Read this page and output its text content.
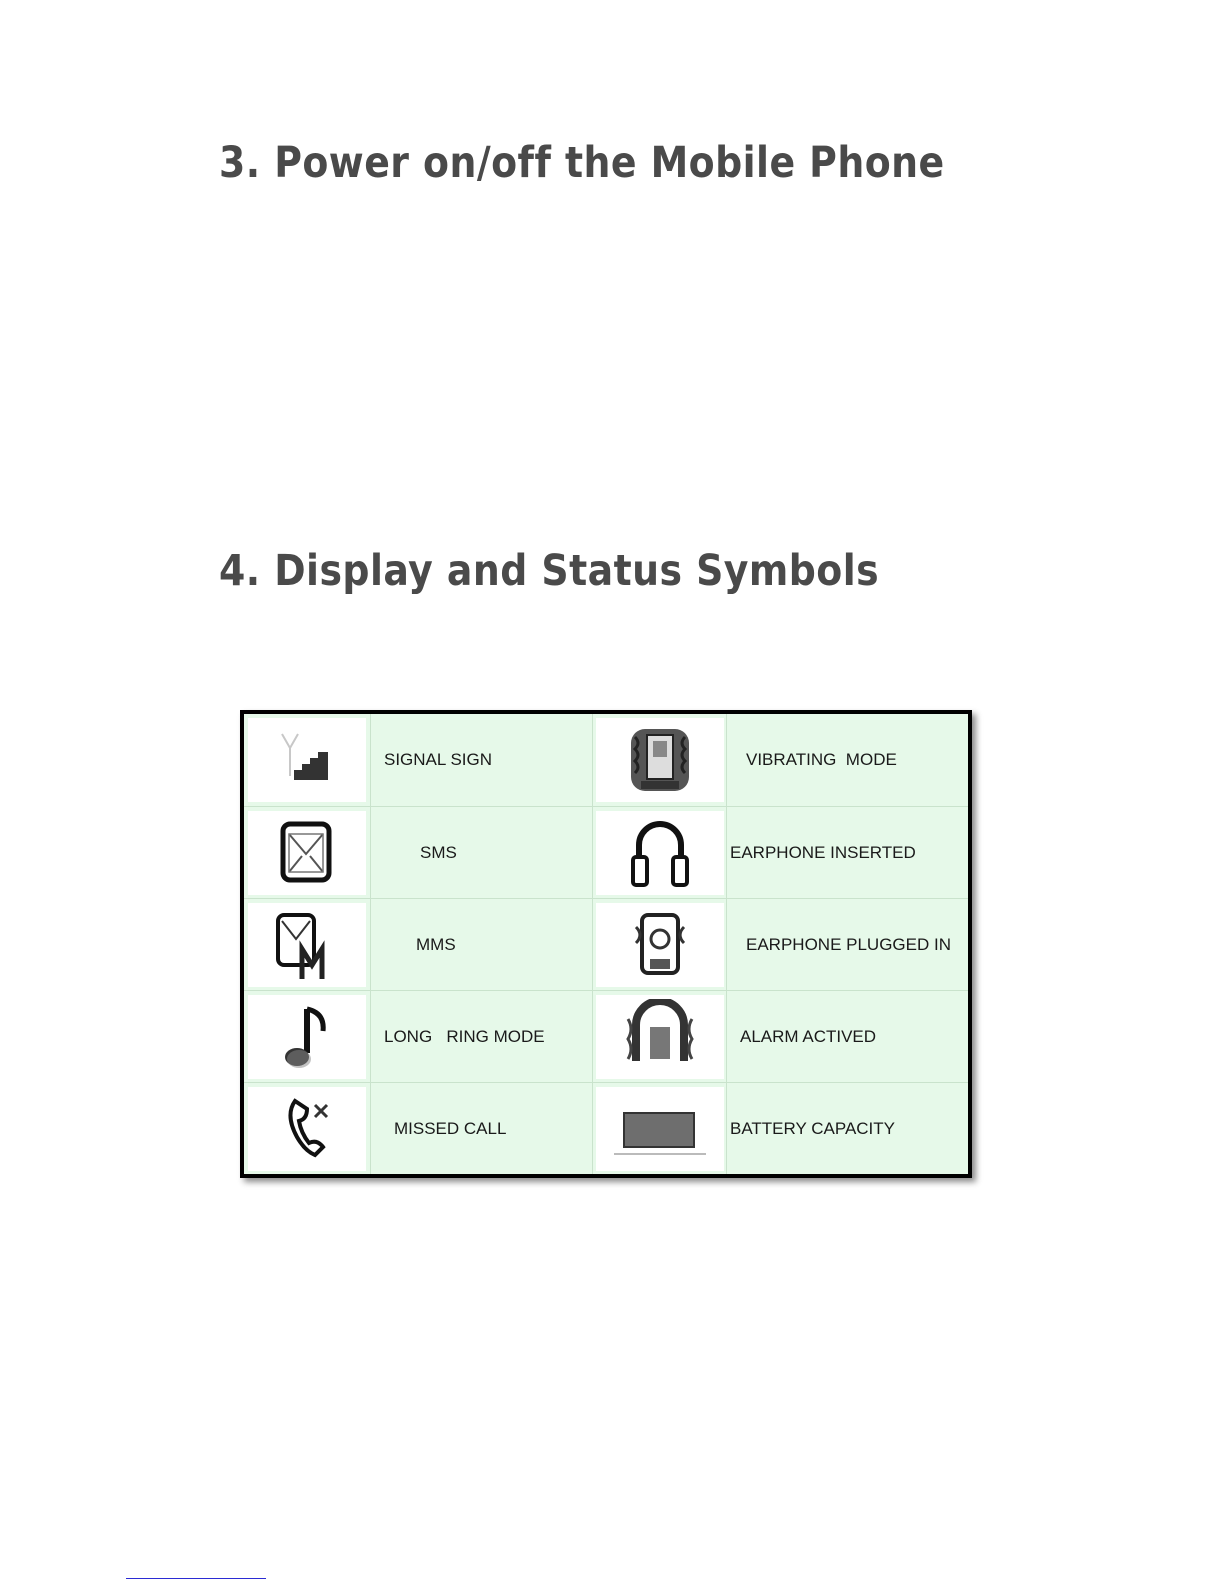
3. Power on/off the Mobile Phone
4. Display and Status Symbols
SIGNAL SIGN	VIBRATING  MODE
SMS	EARPHONE INSERTED
MMS	EARPHONE PLUGGED IN
LONG   RING MODE	ALARM ACTIVED
MISSED CALL	BATTERY CAPACITY
